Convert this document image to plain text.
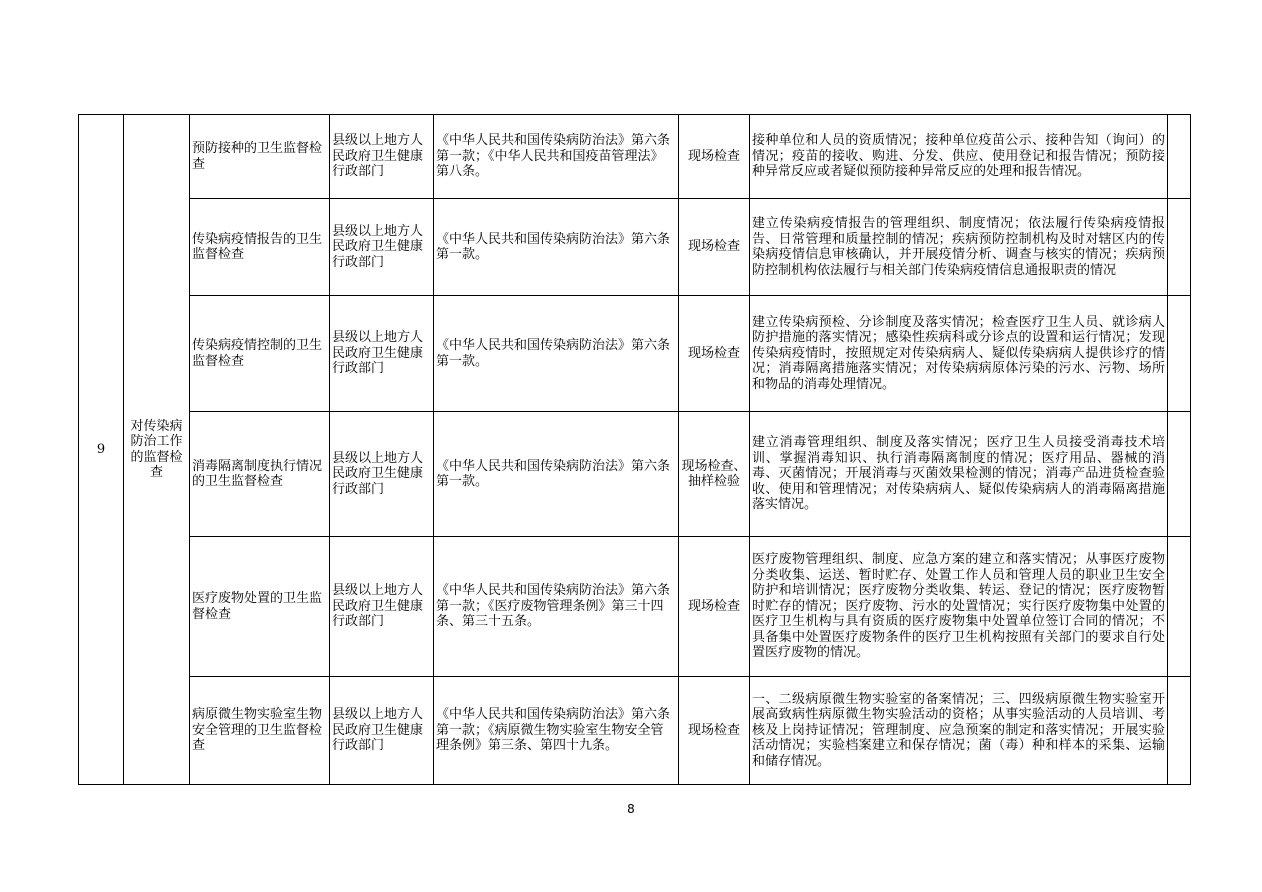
9	对传染病防治工作的监督检查	预防接种的卫生监督检查	县级以上地方人民政府卫生健康行政部门	《中华人民共和国传染病防治法》第六条第一款；《中华人民共和国疫苗管理法》第八条。	现场检查	接种单位和人员的资质情况；接种单位疫苗公示、接种告知（询问）的情况；疫苗的接收、购进、分发、供应、使用登记和报告情况；预防接种异常反应或者疑似预防接种异常反应的处理和报告情况。	
		传染病疫情报告的卫生监督检查	县级以上地方人民政府卫生健康行政部门	《中华人民共和国传染病防治法》第六条第一款。	现场检查	建立传染病疫情报告的管理组织、制度情况；依法履行传染病疫情报告、日常管理和质量控制的情况；疾病预防控制机构及时对辖区内的传染病疫情信息审核确认，并开展疫情分析、调查与核实的情况；疾病预防控制机构依法履行与相关部门传染病疫情信息通报职责的情况	
		传染病疫情控制的卫生监督检查	县级以上地方人民政府卫生健康行政部门	《中华人民共和国传染病防治法》第六条第一款。	现场检查	建立传染病预检、分诊制度及落实情况；检查医疗卫生人员、就诊病人防护措施的落实情况；感染性疾病科或分诊点的设置和运行情况；发现传染病疫情时，按照规定对传染病病人、疑似传染病病人提供诊疗的情况；消毒隔离措施落实情况；对传染病病原体污染的污水、污物、场所和物品的消毒处理情况。	
		消毒隔离制度执行情况的卫生监督检查	县级以上地方人民政府卫生健康行政部门	《中华人民共和国传染病防治法》第六条第一款。	现场检查、抽样检验	建立消毒管理组织、制度及落实情况；医疗卫生人员接受消毒技术培训、掌握消毒知识、执行消毒隔离制度的情况；医疗用品、器械的消毒、灭菌情况；开展消毒与灭菌效果检测的情况；消毒产品进货检查验收、使用和管理情况；对传染病病人、疑似传染病病人的消毒隔离措施落实情况。	
		医疗废物处置的卫生监督检查	县级以上地方人民政府卫生健康行政部门	《中华人民共和国传染病防治法》第六条第一款；《医疗废物管理条例》第三十四条、第三十五条。	现场检查	医疗废物管理组织、制度、应急方案的建立和落实情况；从事医疗废物分类收集、运送、暂时贮存、处置工作人员和管理人员的职业卫生安全防护和培训情况；医疗废物分类收集、转运、登记的情况；医疗废物暂时贮存的情况；医疗废物、污水的处置情况；实行医疗废物集中处置的医疗卫生机构与具有资质的医疗废物集中处置单位签订合同的情况；不具备集中处置医疗废物条件的医疗卫生机构按照有关部门的要求自行处置医疗废物的情况。	
		病原微生物实验室生物安全管理的卫生监督检查	县级以上地方人民政府卫生健康行政部门	《中华人民共和国传染病防治法》第六条第一款；《病原微生物实验室生物安全管理条例》第三条、第四十九条。	现场检查	一、二级病原微生物实验室的备案情况；三、四级病原微生物实验室开展高致病性病原微生物实验活动的资格；从事实验活动的人员培训、考核及上岗持证情况；管理制度、应急预案的制定和落实情况；开展实验活动情况；实验档案建立和保存情况；菌（毒）种和样本的采集、运输和储存情况。	
8
